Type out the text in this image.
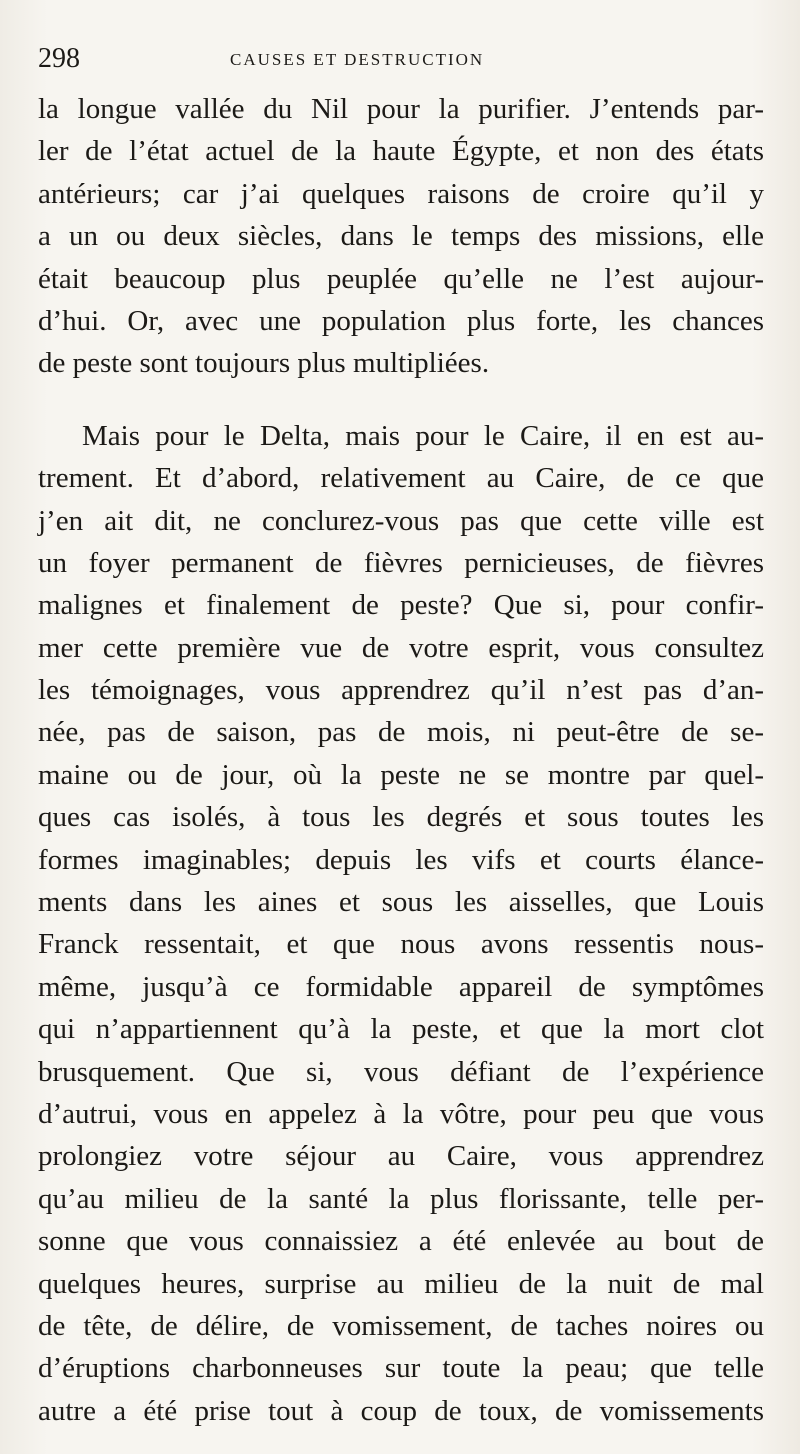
298	CAUSES ET DESTRUCTION
la longue vallée du Nil pour la purifier. J’entends par-
ler de l’état actuel de la haute Égypte, et non des états
antérieurs; car j’ai quelques raisons de croire qu’il y
a un ou deux siècles, dans le temps des missions, elle
était beaucoup plus peuplée qu’elle ne l’est aujour-
d’hui. Or, avec une population plus forte, les chances
de peste sont toujours plus multipliées.
Mais pour le Delta, mais pour le Caire, il en est au-
trement. Et d’abord, relativement au Caire, de ce que
j’en ait dit, ne conclurez-vous pas que cette ville est
un foyer permanent de fièvres pernicieuses, de fièvres
malignes et finalement de peste? Que si, pour confir-
mer cette première vue de votre esprit, vous consultez
les témoignages, vous apprendrez qu’il n’est pas d’an-
née, pas de saison, pas de mois, ni peut-être de se-
maine ou de jour, où la peste ne se montre par quel-
ques cas isolés, à tous les degrés et sous toutes les
formes imaginables; depuis les vifs et courts élance-
ments dans les aines et sous les aisselles, que Louis
Franck ressentait, et que nous avons ressentis nous-
même, jusqu’à ce formidable appareil de symptômes
qui n’appartiennent qu’à la peste, et que la mort clot
brusquement. Que si, vous défiant de l’expérience
d’autrui, vous en appelez à la vôtre, pour peu que vous
prolongiez votre séjour au Caire, vous apprendrez
qu’au milieu de la santé la plus florissante, telle per-
sonne que vous connaissiez a été enlevée au bout de
quelques heures, surprise au milieu de la nuit de mal
de tête, de délire, de vomissement, de taches noires ou
d’éruptions charbonneuses sur toute la peau; que telle
autre a été prise tout à coup de toux, de vomissements
